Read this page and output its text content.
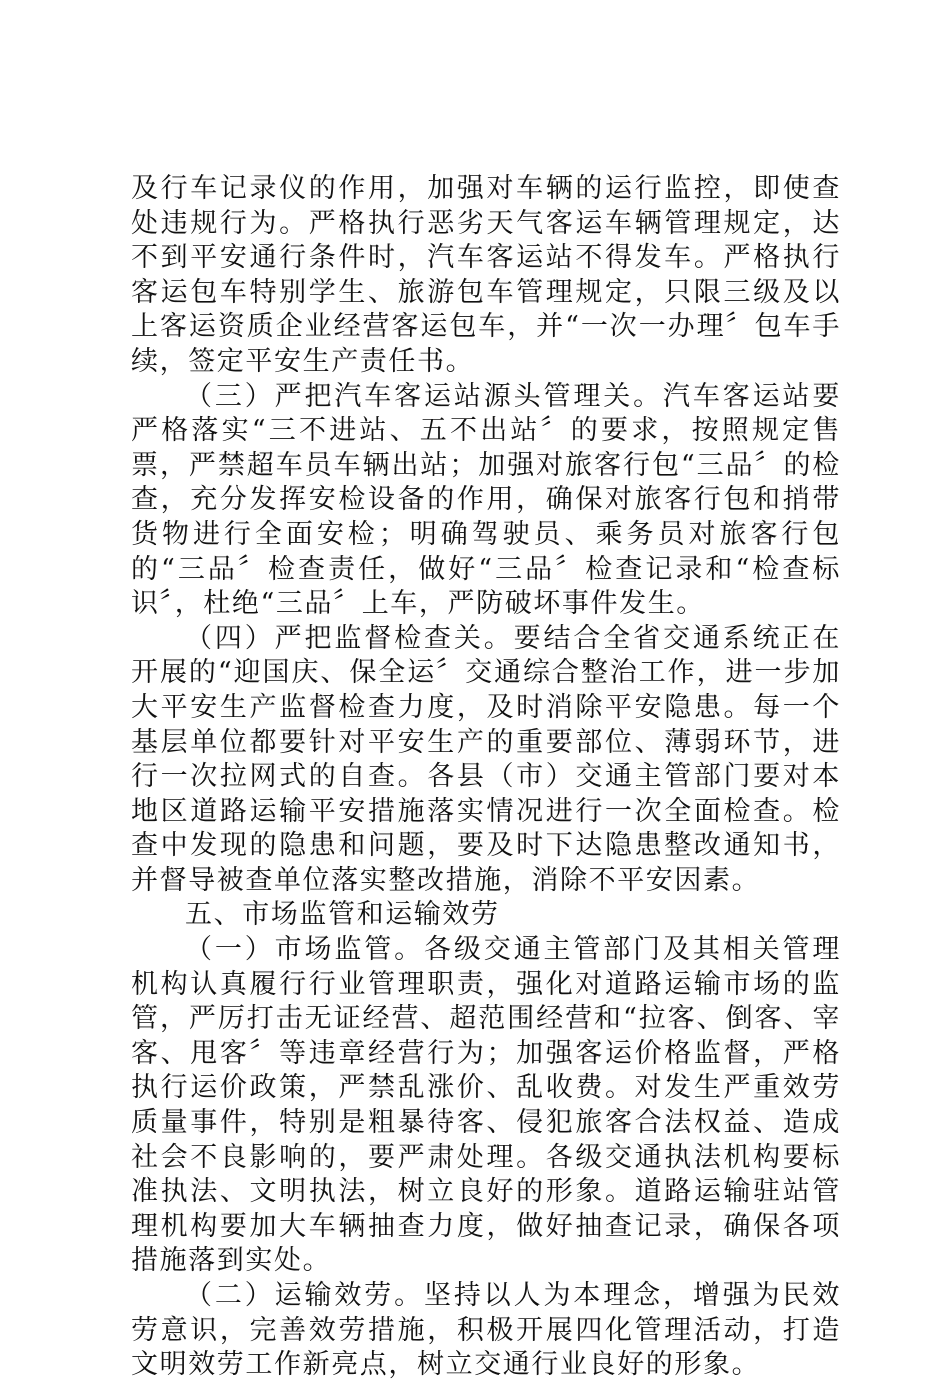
及行车记录仪的作用，加强对车辆的运行监控，即使查处违规行为。严格执行恶劣天气客运车辆管理规定，达不到平安通行条件时，汽车客运站不得发车。严格执行客运包车特别学生、旅游包车管理规定，只限三级及以上客运资质企业经营客运包车，并“一次一办理〞包车手续，签定平安生产责任书。

（三）严把汽车客运站源头管理关。汽车客运站要严格落实“三不进站、五不出站〞的要求，按照规定售票，严禁超车员车辆出站；加强对旅客行包“三品〞的检查，充分发挥安检设备的作用，确保对旅客行包和捎带货物进行全面安检；明确驾驶员、乘务员对旅客行包的“三品〞检查责任，做好“三品〞检查记录和“检查标识〞，杜绝“三品〞上车，严防破坏事件发生。

（四）严把监督检查关。要结合全省交通系统正在开展的“迎国庆、保全运〞交通综合整治工作，进一步加大平安生产监督检查力度，及时消除平安隐患。每一个基层单位都要针对平安生产的重要部位、薄弱环节，进行一次拉网式的自查。各县（市）交通主管部门要对本地区道路运输平安措施落实情况进行一次全面检查。检查中发现的隐患和问题，要及时下达隐患整改通知书，并督导被查单位落实整改措施，消除不平安因素。

五、市场监管和运输效劳

（一）市场监管。各级交通主管部门及其相关管理机构认真履行行业管理职责，强化对道路运输市场的监管，严厉打击无证经营、超范围经营和“拉客、倒客、宰客、甩客〞等违章经营行为；加强客运价格监督，严格执行运价政策，严禁乱涨价、乱收费。对发生严重效劳质量事件，特别是粗暴待客、侵犯旅客合法权益、造成社会不良影响的，要严肃处理。各级交通执法机构要标准执法、文明执法，树立良好的形象。道路运输驻站管理机构要加大车辆抽查力度，做好抽查记录，确保各项措施落到实处。

（二）运输效劳。坚持以人为本理念，增强为民效劳意识，完善效劳措施，积极开展四化管理活动，打造文明效劳工作新亮点，树立交通行业良好的形象。
